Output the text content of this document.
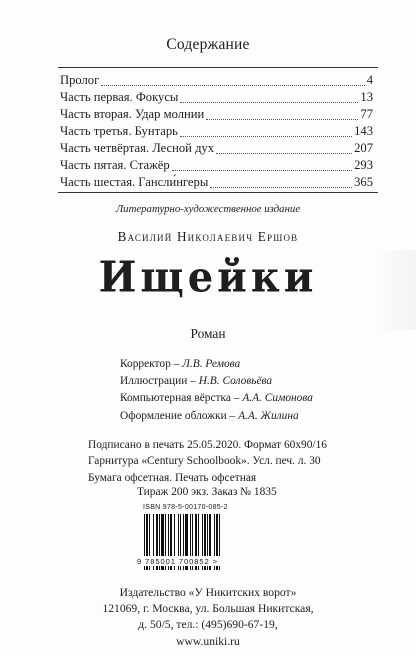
Содержание
Пролог	4
Часть первая. Фокусы	13
Часть вторая. Удар молнии	77
Часть третья. Бунтарь	143
Часть четвёртая. Лесной дух	207
Часть пятая. Стажёр	293
Часть шестая. Гансли́нгеры	365
Литературно-художественное издание
Василий Николаевич Ершов
Ищейки
Роман
Корректор – Л.В. Ремова
Иллюстрации – Н.В. Соловьёва
Компьютерная вёрстка – А.А. Симонова
Оформление обложки – А.А. Жилина
Подписано в печать 25.05.2020. Формат 60х90/16
Гарнитура «Century Schoolbook». Усл. печ. л. 30
Бумага офсетная. Печать офсетная
Тираж 200 экз. Заказ № 1835
ISBN 978-5-00170-085-2
9 785001 700852 >
Издательство «У Никитских ворот»
121069, г. Москва, ул. Большая Никитская,
д. 50/5, тел.: (495)690-67-19,
www.uniki.ru
